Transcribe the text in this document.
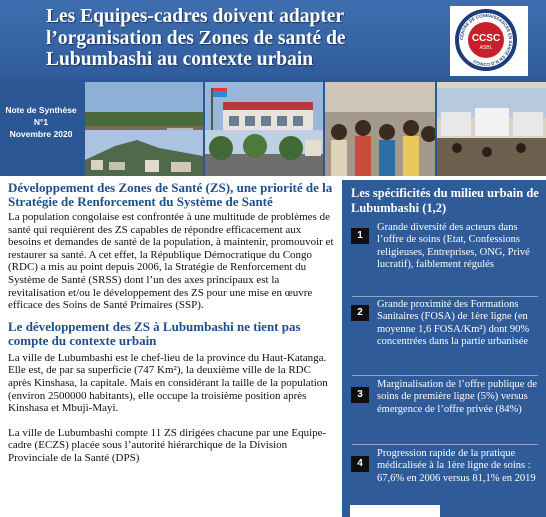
Les Equipes-cadres doivent adapter
l’organisation des Zones de santé de
Lubumbashi au contexte urbain
CCSC
ASBL
CENTRE DE CONNAISSANCES EN SANTÉ EN R.D.CONGO
Note de Synthèse
N°1
Novembre 2020

Développement des Zones de Santé (ZS), une priorité de la Stratégie de Renforcement du Système de Santé

La population congolaise est confrontée à une multitude de problèmes de santé qui requièrent des ZS capables de répondre efficacement aux besoins et demandes de santé de la population, à maintenir, promouvoir et restaurer sa santé. A cet effet, la République Démocratique du Congo (RDC) a mis au point depuis 2006, la Stratégie de Renforcement du Système de Santé (SRSS) dont l’un des axes principaux est la revitalisation et/ou le développement des ZS pour une mise en œuvre efficace des Soins de Santé Primaires (SSP).

Le développement des ZS à Lubumbashi ne tient pas compte du contexte urbain

La ville de Lubumbashi est le chef-lieu de la province du Haut-Katanga. Elle est, de par sa superficie (747 Km²), la deuxième ville de la RDC après Kinshasa, la capitale. Mais en considérant la taille de la population (environ 2500000 habitants), elle occupe la troisième position après Kinshasa et Mbuji-Mayi.

La ville de Lubumbashi compte 11 ZS dirigées chacune par une Equipe-cadre (ECZS) placée sous l’autorité hiérarchique de la Division Provinciale de la Santé (DPS)

Les spécificités du milieu urbain de Lubumbashi (1,2)
1
Grande diversité des acteurs dans l’offre de soins (Etat, Confessions religieuses, Entreprises, ONG, Privé lucratif), faiblement régulés
2
Grande proximité des Formations Sanitaires (FOSA) de 1ère ligne (en moyenne 1,6 FOSA/Km²) dont 90% concentrées dans la partie urbanisée
3
Marginalisation de l’offre publique de soins de première ligne (5%) versus émergence de l’offre privée (84%)
4
Progression rapide de la pratique médicalisée à la 1ère ligne de soins : 67,6% en 2006 versus 81,1% en 2019
